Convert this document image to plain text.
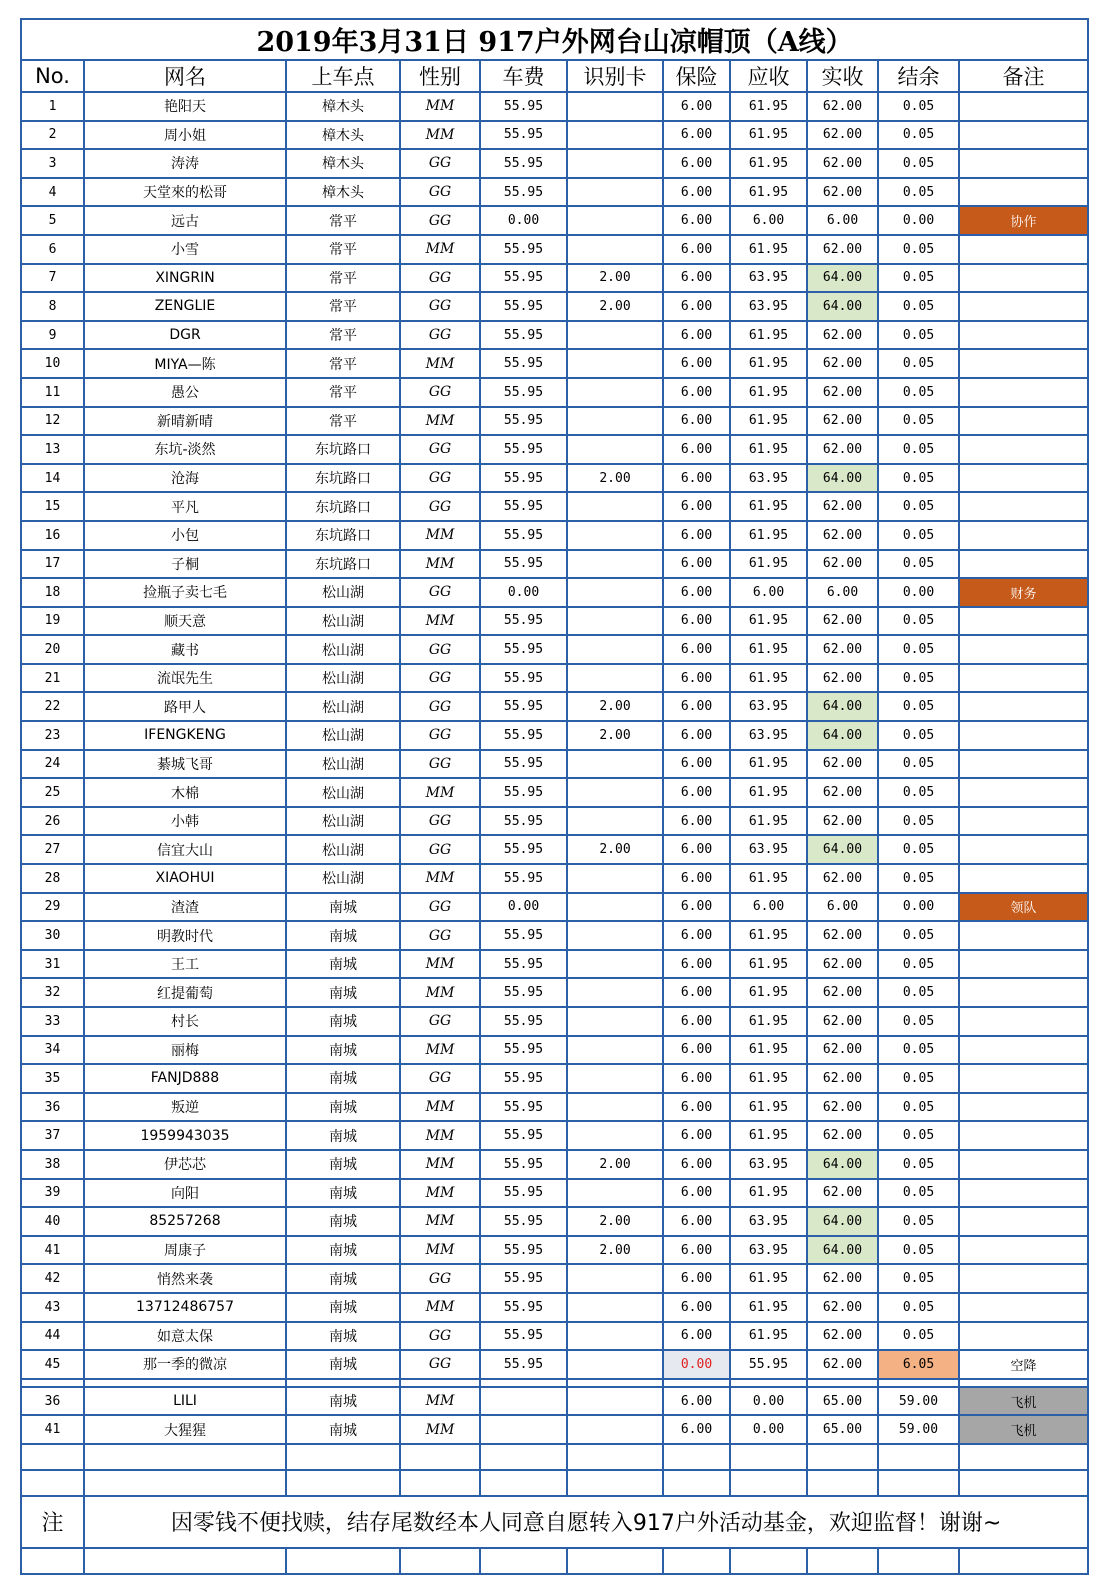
2019年3月31日 917户外网台山凉帽顶（A线）										
No.	网名	上车点	性别	车费	识别卡	保险	应收	实收	结余	备注
1	艳阳天	樟木头	MM	55.95		6.00	61.95	62.00	0.05	
2	周小姐	樟木头	MM	55.95		6.00	61.95	62.00	0.05	
3	涛涛	樟木头	GG	55.95		6.00	61.95	62.00	0.05	
4	天堂來的松哥	樟木头	GG	55.95		6.00	61.95	62.00	0.05	
5	远古	常平	GG	0.00		6.00	6.00	6.00	0.00	协作
6	小雪	常平	MM	55.95		6.00	61.95	62.00	0.05	
7	XINGRIN	常平	GG	55.95	2.00	6.00	63.95	64.00	0.05	
8	ZENGLIE	常平	GG	55.95	2.00	6.00	63.95	64.00	0.05	
9	DGR	常平	GG	55.95		6.00	61.95	62.00	0.05	
10	MIYA—陈	常平	MM	55.95		6.00	61.95	62.00	0.05	
11	愚公	常平	GG	55.95		6.00	61.95	62.00	0.05	
12	新晴新晴	常平	MM	55.95		6.00	61.95	62.00	0.05	
13	东坑-淡然	东坑路口	GG	55.95		6.00	61.95	62.00	0.05	
14	沧海	东坑路口	GG	55.95	2.00	6.00	63.95	64.00	0.05	
15	平凡	东坑路口	GG	55.95		6.00	61.95	62.00	0.05	
16	小包	东坑路口	MM	55.95		6.00	61.95	62.00	0.05	
17	子桐	东坑路口	MM	55.95		6.00	61.95	62.00	0.05	
18	捡瓶子卖七毛	松山湖	GG	0.00		6.00	6.00	6.00	0.00	财务
19	顺天意	松山湖	MM	55.95		6.00	61.95	62.00	0.05	
20	藏书	松山湖	GG	55.95		6.00	61.95	62.00	0.05	
21	流氓先生	松山湖	GG	55.95		6.00	61.95	62.00	0.05	
22	路甲人	松山湖	GG	55.95	2.00	6.00	63.95	64.00	0.05	
23	IFENGKENG	松山湖	GG	55.95	2.00	6.00	63.95	64.00	0.05	
24	綦城飞哥	松山湖	GG	55.95		6.00	61.95	62.00	0.05	
25	木棉	松山湖	MM	55.95		6.00	61.95	62.00	0.05	
26	小韩	松山湖	GG	55.95		6.00	61.95	62.00	0.05	
27	信宜大山	松山湖	GG	55.95	2.00	6.00	63.95	64.00	0.05	
28	XIAOHUI	松山湖	MM	55.95		6.00	61.95	62.00	0.05	
29	渣渣	南城	GG	0.00		6.00	6.00	6.00	0.00	领队
30	明教时代	南城	GG	55.95		6.00	61.95	62.00	0.05	
31	王工	南城	MM	55.95		6.00	61.95	62.00	0.05	
32	红提葡萄	南城	MM	55.95		6.00	61.95	62.00	0.05	
33	村长	南城	GG	55.95		6.00	61.95	62.00	0.05	
34	丽梅	南城	MM	55.95		6.00	61.95	62.00	0.05	
35	FANJD888	南城	GG	55.95		6.00	61.95	62.00	0.05	
36	叛逆	南城	MM	55.95		6.00	61.95	62.00	0.05	
37	1959943035	南城	MM	55.95		6.00	61.95	62.00	0.05	
38	伊芯芯	南城	MM	55.95	2.00	6.00	63.95	64.00	0.05	
39	向阳	南城	MM	55.95		6.00	61.95	62.00	0.05	
40	85257268	南城	MM	55.95	2.00	6.00	63.95	64.00	0.05	
41	周康子	南城	MM	55.95	2.00	6.00	63.95	64.00	0.05	
42	悄然来袭	南城	GG	55.95		6.00	61.95	62.00	0.05	
43	13712486757	南城	MM	55.95		6.00	61.95	62.00	0.05	
44	如意太保	南城	GG	55.95		6.00	61.95	62.00	0.05	
45	那一季的微凉	南城	GG	55.95		0.00	55.95	62.00	6.05	空降

36	LILI	南城	MM			6.00	0.00	65.00	59.00	飞机
41	大猩猩	南城	MM			6.00	0.00	65.00	59.00	飞机

注	因零钱不便找赎，结存尾数经本人同意自愿转入917户外活动基金，欢迎监督！谢谢~									
